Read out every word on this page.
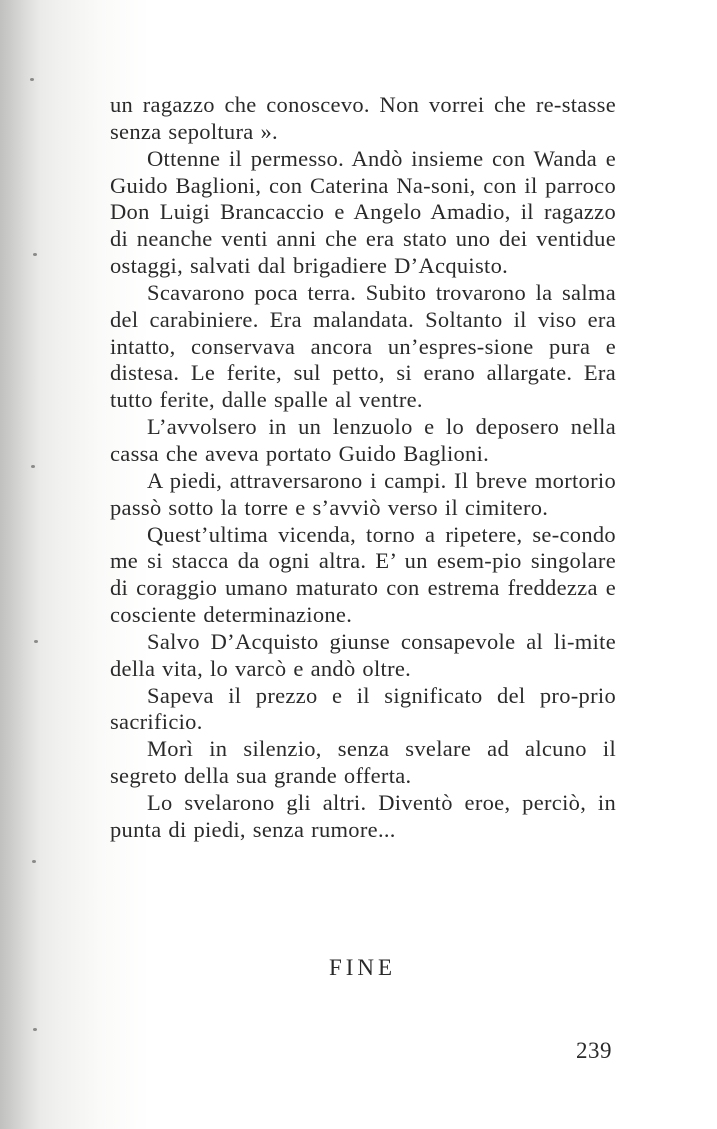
un ragazzo che conoscevo. Non vorrei che re-stasse senza sepoltura ».

Ottenne il permesso. Andò insieme con Wanda e Guido Baglioni, con Caterina Na-soni, con il parroco Don Luigi Brancaccio e Angelo Amadio, il ragazzo di neanche venti anni che era stato uno dei ventidue ostaggi, salvati dal brigadiere D’Acquisto.

Scavarono poca terra. Subito trovarono la salma del carabiniere. Era malandata. Soltanto il viso era intatto, conservava ancora un’espres-sione pura e distesa. Le ferite, sul petto, si erano allargate. Era tutto ferite, dalle spalle al ventre.

L’avvolsero in un lenzuolo e lo deposero nella cassa che aveva portato Guido Baglioni.

A piedi, attraversarono i campi. Il breve mortorio passò sotto la torre e s’avviò verso il cimitero.

Quest’ultima vicenda, torno a ripetere, se-condo me si stacca da ogni altra. E’ un esem-pio singolare di coraggio umano maturato con estrema freddezza e cosciente determinazione.

Salvo D’Acquisto giunse consapevole al li-mite della vita, lo varcò e andò oltre.

Sapeva il prezzo e il significato del pro-prio sacrificio.

Morì in silenzio, senza svelare ad alcuno il segreto della sua grande offerta.

Lo svelarono gli altri. Diventò eroe, perciò, in punta di piedi, senza rumore...

FINE
239
